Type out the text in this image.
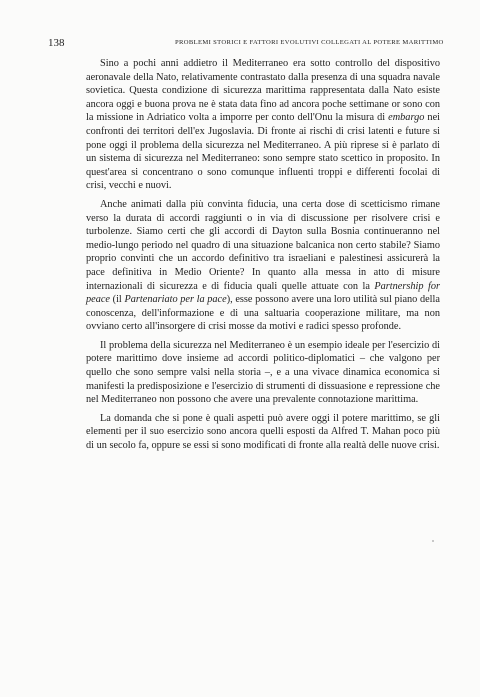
138	PROBLEMI STORICI E FATTORI EVOLUTIVI COLLEGATI AL POTERE MARITTIMO

Sino a pochi anni addietro il Mediterraneo era sotto controllo del dispositivo aeronavale della Nato, relativamente contrastato dalla presenza di una squadra navale sovietica. Questa condizione di sicurezza marittima rappresentata dalla Nato esiste ancora oggi e buona prova ne è stata data fino ad ancora poche settimane or sono con la missione in Adriatico volta a imporre per conto dell'Onu la misura di embargo nei confronti dei territori dell'ex Jugoslavia. Di fronte ai rischi di crisi latenti e future si pone oggi il problema della sicurezza nel Mediterraneo. A più riprese si è parlato di un sistema di sicurezza nel Mediterraneo: sono sempre stato scettico in proposito. In quest'area si concentrano o sono comunque influenti troppi e differenti focolai di crisi, vecchi e nuovi.

Anche animati dalla più convinta fiducia, una certa dose di scetticismo rimane verso la durata di accordi raggiunti o in via di discussione per risolvere crisi e turbolenze. Siamo certi che gli accordi di Dayton sulla Bosnia continueranno nel medio-lungo periodo nel quadro di una situazione balcanica non certo stabile? Siamo proprio convinti che un accordo definitivo tra israeliani e palestinesi assicurerà la pace definitiva in Medio Oriente? In quanto alla messa in atto di misure internazionali di sicurezza e di fiducia quali quelle attuate con la Partnership for peace (il Partenariato per la pace), esse possono avere una loro utilità sul piano della conoscenza, dell'informazione e di una saltuaria cooperazione militare, ma non ovviano certo all'insorgere di crisi mosse da motivi e radici spesso profonde.

Il problema della sicurezza nel Mediterraneo è un esempio ideale per l'esercizio di potere marittimo dove insieme ad accordi politico-diplomatici – che valgono per quello che sono sempre valsi nella storia –, e a una vivace dinamica economica si manifesti la predisposizione e l'esercizio di strumenti di dissuasione e repressione che nel Mediterraneo non possono che avere una prevalente connotazione marittima.

La domanda che si pone è quali aspetti può avere oggi il potere marittimo, se gli elementi per il suo esercizio sono ancora quelli esposti da Alfred T. Mahan poco più di un secolo fa, oppure se essi si sono modificati di fronte alla realtà delle nuove crisi.
